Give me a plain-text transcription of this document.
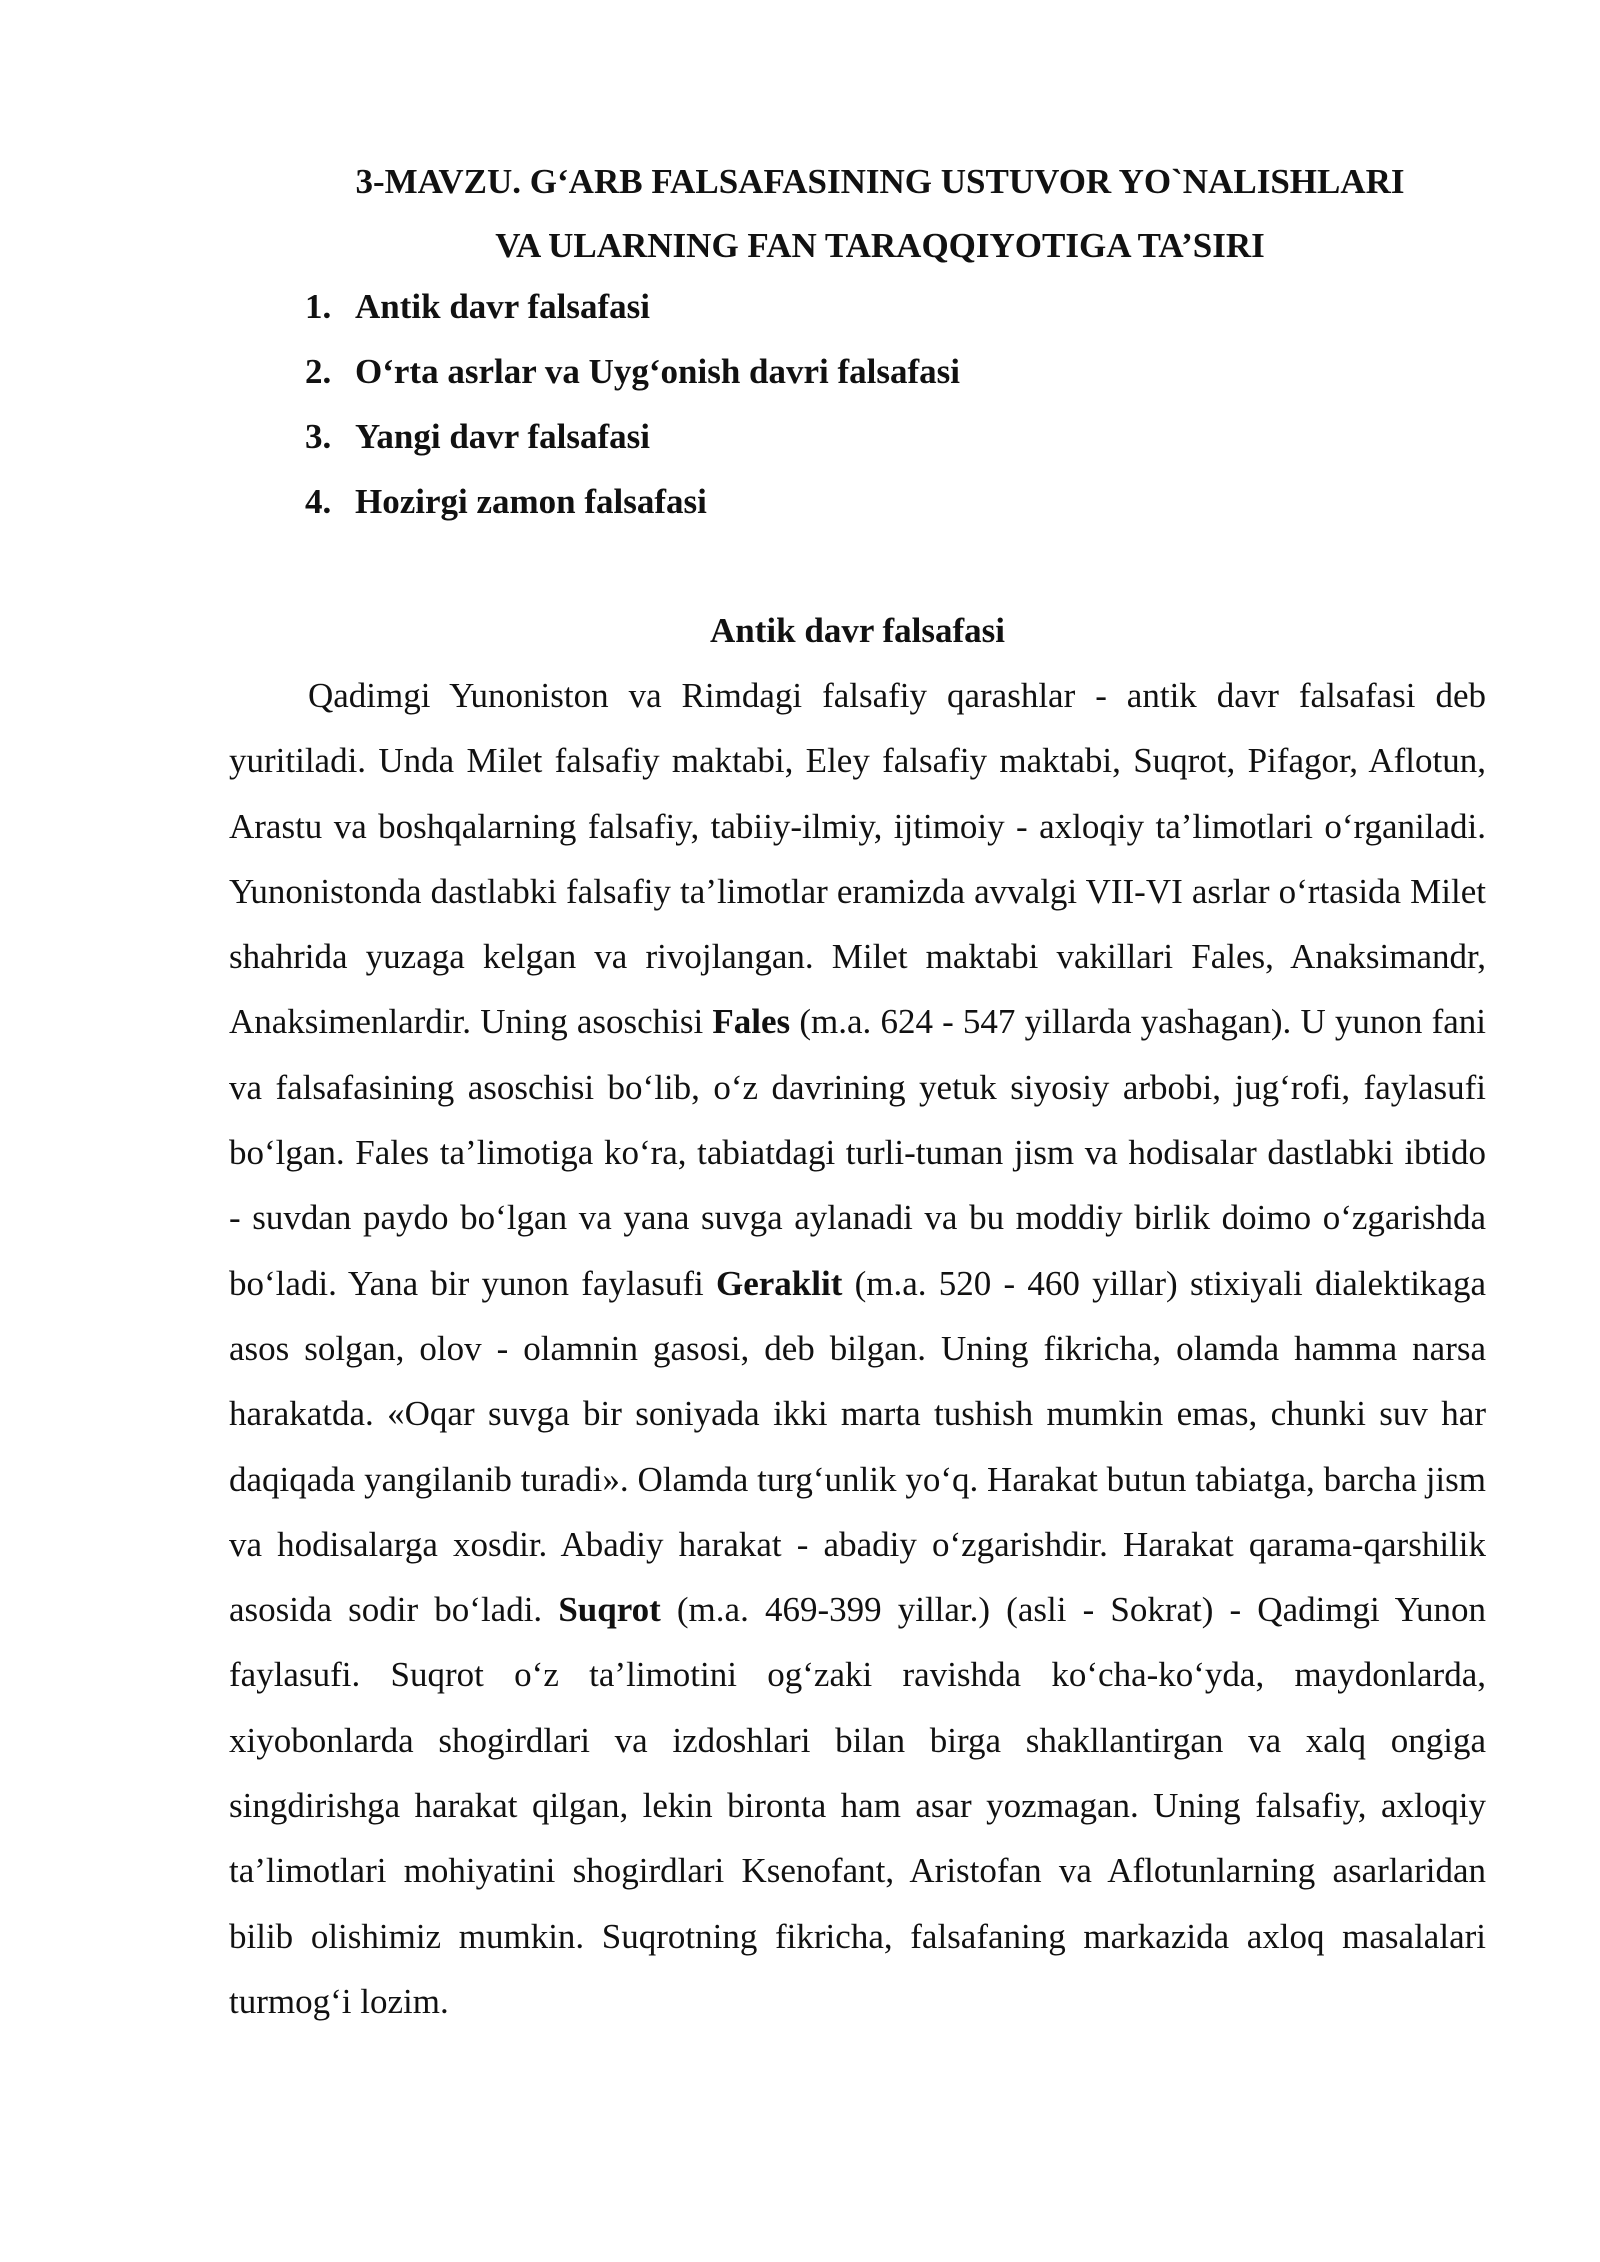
3-MAVZU. G‘ARB FALSAFASINING USTUVOR YO`NALISHLARI
VA ULARNING FAN TARAQQIYOTIGA TA’SIRI
1. Antik davr falsafasi
2. O‘rta asrlar va Uyg‘onish davri falsafasi
3. Yangi davr falsafasi
4. Hozirgi zamon falsafasi
Antik davr falsafasi

Qadimgi Yunoniston va Rimdagi falsafiy qarashlar - antik davr falsafasi deb yuritiladi. Unda Milet falsafiy maktabi, Eley falsafiy maktabi, Suqrot, Pifagor, Aflotun, Arastu va boshqalarning falsafiy, tabiiy-ilmiy, ijtimoiy - axloqiy ta’limotlari o‘rganiladi. Yunonistonda dastlabki falsafiy ta’limotlar eramizda avvalgi VII-VI asrlar o‘rtasida Milet shahrida yuzaga kelgan va rivojlangan. Milet maktabi vakillari Fales, Anaksimandr, Anaksimenlardir. Uning asoschisi Fales (m.a. 624 - 547 yillarda yashagan). U yunon fani va falsafasining asoschisi bo‘lib, o‘z davrining yetuk siyosiy arbobi, jug‘rofi, faylasufi bo‘lgan. Fales ta’limotiga ko‘ra, tabiatdagi turli-tuman jism va hodisalar dastlabki ibtido - suvdan paydo bo‘lgan va yana suvga aylanadi va bu moddiy birlik doimo o‘zgarishda bo‘ladi. Yana bir yunon faylasufi Geraklit (m.a. 520 - 460 yillar) stixiyali dialektikaga asos solgan, olov - olamnin gasosi, deb bilgan. Uning fikricha, olamda hamma narsa harakatda. «Oqar suvga bir soniyada ikki marta tushish mumkin emas, chunki suv har daqiqada yangilanib turadi». Olamda turg‘unlik yo‘q. Harakat butun tabiatga, barcha jism va hodisalarga xosdir. Abadiy harakat - abadiy o‘zgarishdir. Harakat qarama-qarshilik asosida sodir bo‘ladi. Suqrot (m.a. 469-399 yillar.) (asli - Sokrat) - Qadimgi Yunon faylasufi. Suqrot o‘z ta’limotini og‘zaki ravishda ko‘cha-ko‘yda, maydonlarda, xiyobonlarda shogirdlari va izdoshlari bilan birga shakllantirgan va xalq ongiga singdirishga harakat qilgan, lekin bironta ham asar yozmagan. Uning falsafiy, axloqiy ta’limotlari mohiyatini shogirdlari Ksenofant, Aristofan va Aflotunlarning asarlaridan bilib olishimiz mumkin. Suqrotning fikricha, falsafaning markazida axloq masalalari turmog‘i lozim.
